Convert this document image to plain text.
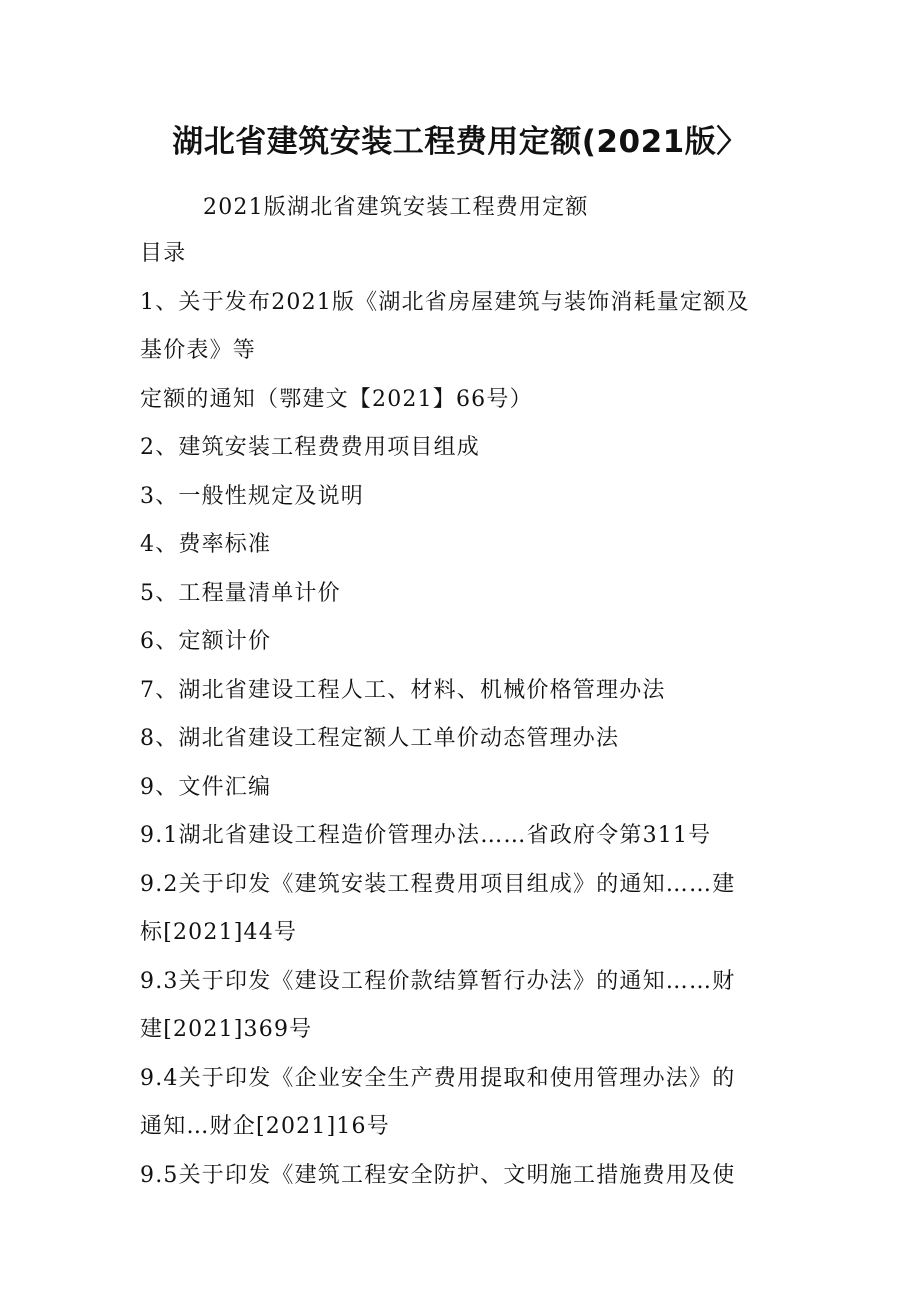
湖北省建筑安装工程费用定额(2021版〉
2021版湖北省建筑安装工程费用定额
目录
1、关于发布2021版《湖北省房屋建筑与装饰消耗量定额及
基价表》等
定额的通知（鄂建文【2021】66号）
2、建筑安装工程费费用项目组成
3、一般性规定及说明
4、费率标准
5、工程量清单计价
6、定额计价
7、湖北省建设工程人工、材料、机械价格管理办法
8、湖北省建设工程定额人工单价动态管理办法
9、文件汇编
9.1湖北省建设工程造价管理办法……省政府令第311号
9.2关于印发《建筑安装工程费用项目组成》的通知……建
标[2021]44号
9.3关于印发《建设工程价款结算暂行办法》的通知……财
建[2021]369号
9.4关于印发《企业安全生产费用提取和使用管理办法》的
通知…财企[2021]16号
9.5关于印发《建筑工程安全防护、文明施工措施费用及使
